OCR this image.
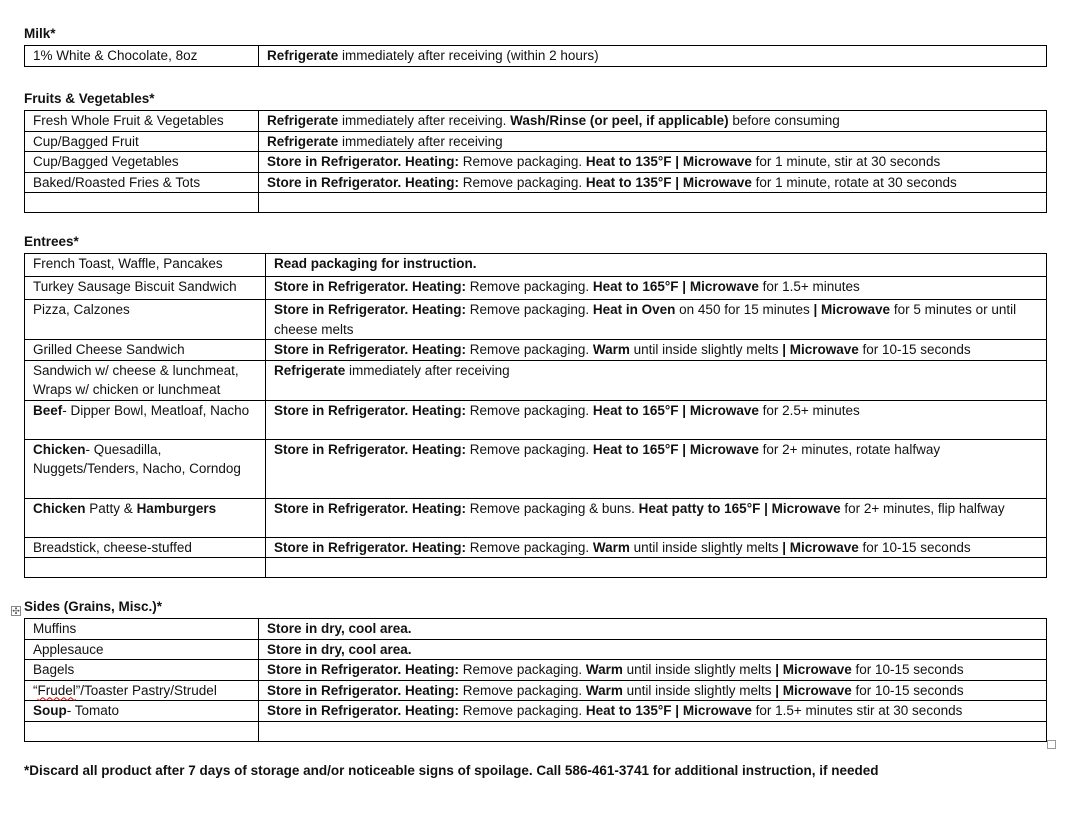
Milk*
1% White & Chocolate, 8oz	Refrigerate immediately after receiving (within 2 hours)
Fruits & Vegetables*
Fresh Whole Fruit & Vegetables	Refrigerate immediately after receiving. Wash/Rinse (or peel, if applicable) before consuming
Cup/Bagged Fruit	Refrigerate immediately after receiving
Cup/Bagged Vegetables	Store in Refrigerator. Heating: Remove packaging. Heat to 135°F | Microwave for 1 minute, stir at 30 seconds
Baked/Roasted Fries & Tots	Store in Refrigerator. Heating: Remove packaging. Heat to 135°F | Microwave for 1 minute, rotate at 30 seconds

Entrees*
French Toast, Waffle, Pancakes	Read packaging for instruction.
Turkey Sausage Biscuit Sandwich	Store in Refrigerator. Heating: Remove packaging. Heat to 165°F | Microwave for 1.5+ minutes
Pizza, Calzones	Store in Refrigerator. Heating: Remove packaging. Heat in Oven on 450 for 15 minutes | Microwave for 5 minutes or until cheese melts
Grilled Cheese Sandwich	Store in Refrigerator. Heating: Remove packaging. Warm until inside slightly melts | Microwave for 10-15 seconds
Sandwich w/ cheese & lunchmeat, Wraps w/ chicken or lunchmeat	Refrigerate immediately after receiving
Beef- Dipper Bowl, Meatloaf, Nacho	Store in Refrigerator. Heating: Remove packaging. Heat to 165°F | Microwave for 2.5+ minutes
Chicken- Quesadilla, Nuggets/Tenders, Nacho, Corndog	Store in Refrigerator. Heating: Remove packaging. Heat to 165°F | Microwave for 2+ minutes, rotate halfway
Chicken Patty & Hamburgers	Store in Refrigerator. Heating: Remove packaging & buns. Heat patty to 165°F | Microwave for 2+ minutes, flip halfway
Breadstick, cheese-stuffed	Store in Refrigerator. Heating: Remove packaging. Warm until inside slightly melts | Microwave for 10-15 seconds

✣ Sides (Grains, Misc.)*
Muffins	Store in dry, cool area.
Applesauce	Store in dry, cool area.
Bagels	Store in Refrigerator. Heating: Remove packaging. Warm until inside slightly melts | Microwave for 10-15 seconds
“Frudel”/Toaster Pastry/Strudel	Store in Refrigerator. Heating: Remove packaging. Warm until inside slightly melts | Microwave for 10-15 seconds
Soup- Tomato	Store in Refrigerator. Heating: Remove packaging. Heat to 135°F | Microwave for 1.5+ minutes stir at 30 seconds

*Discard all product after 7 days of storage and/or noticeable signs of spoilage. Call 586-461-3741 for additional instruction, if needed
